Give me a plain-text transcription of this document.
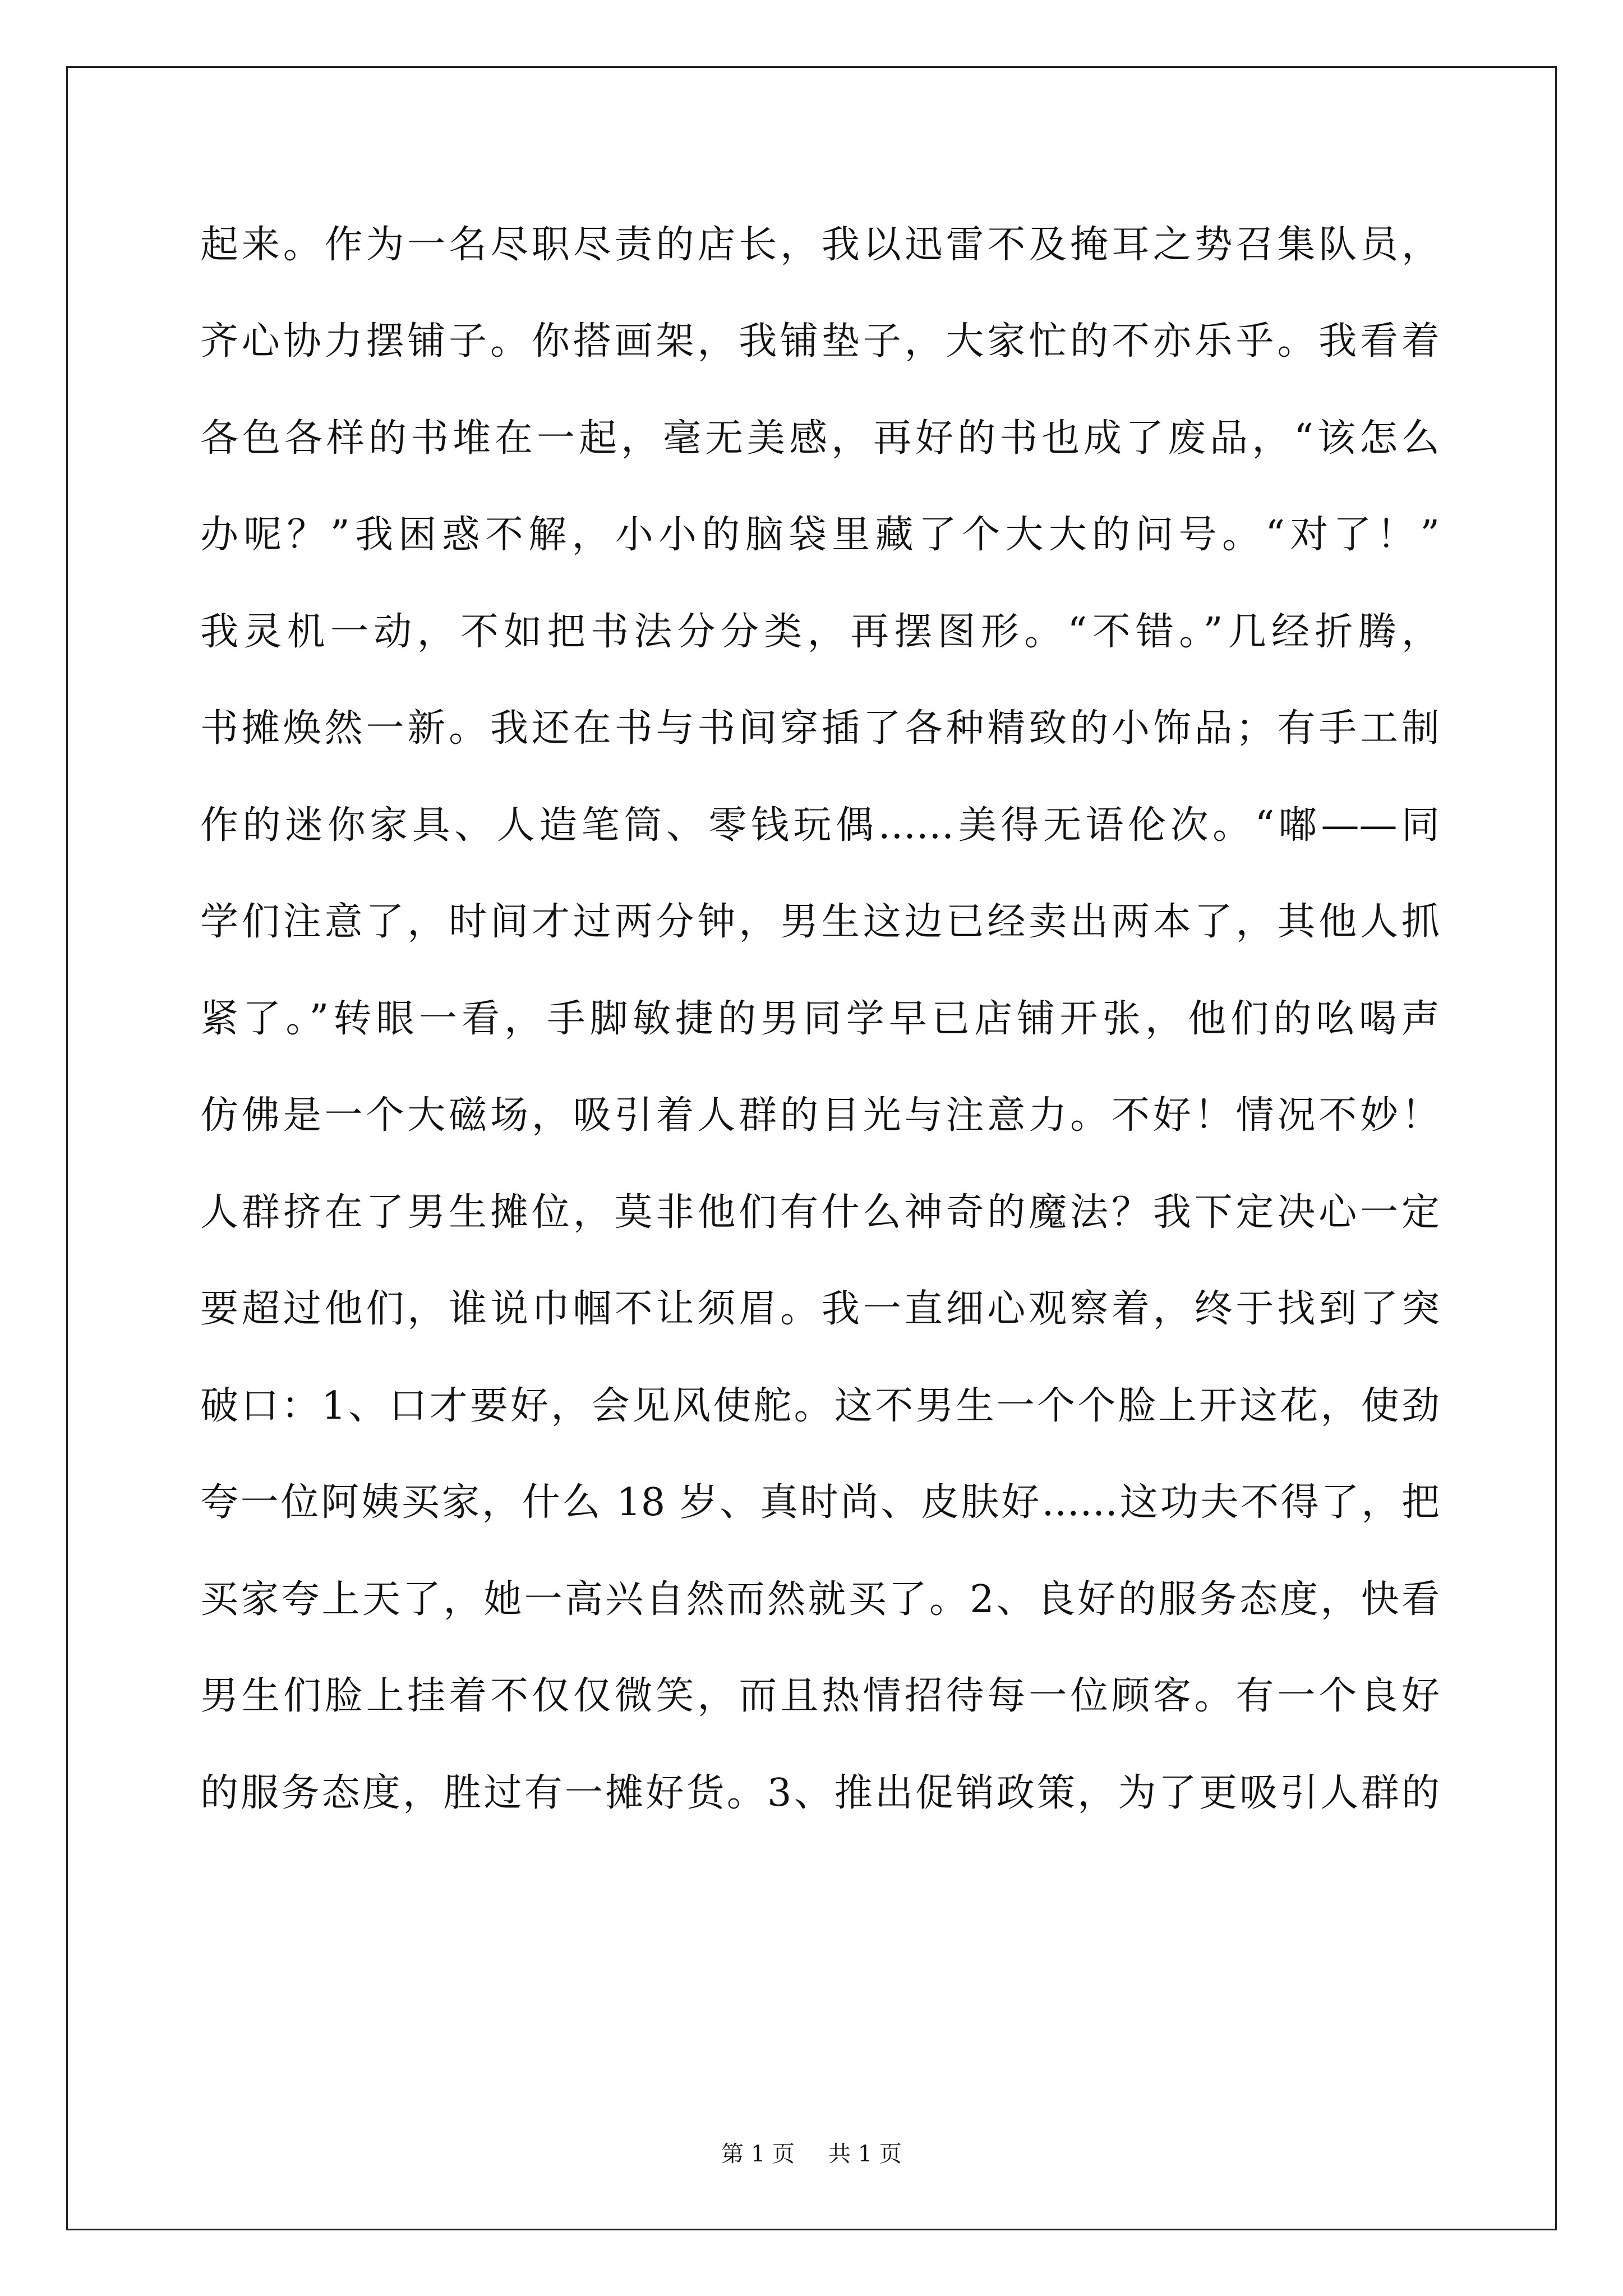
起来。作为一名尽职尽责的店长，我以迅雷不及掩耳之势召集队员，
齐心协力摆铺子。你搭画架，我铺垫子，大家忙的不亦乐乎。我看着
各色各样的书堆在一起，毫无美感，再好的书也成了废品，“该怎么
办呢？”我困惑不解，小小的脑袋里藏了个大大的问号。“对了！”
我灵机一动，不如把书法分分类，再摆图形。“不错。”几经折腾，
书摊焕然一新。我还在书与书间穿插了各种精致的小饰品；有手工制
作的迷你家具、人造笔筒、零钱玩偶……美得无语伦次。“嘟——同
学们注意了，时间才过两分钟，男生这边已经卖出两本了，其他人抓
紧了。”转眼一看，手脚敏捷的男同学早已店铺开张，他们的吆喝声
仿佛是一个大磁场，吸引着人群的目光与注意力。不好！情况不妙！
人群挤在了男生摊位，莫非他们有什么神奇的魔法？我下定决心一定
要超过他们，谁说巾帼不让须眉。我一直细心观察着，终于找到了突
破口：1、口才要好，会见风使舵。这不男生一个个脸上开这花，使劲
夸一位阿姨买家，什么 18 岁、真时尚、皮肤好……这功夫不得了，把
买家夸上天了，她一高兴自然而然就买了。2、良好的服务态度，快看
男生们脸上挂着不仅仅微笑，而且热情招待每一位顾客。有一个良好
的服务态度，胜过有一摊好货。3、推出促销政策，为了更吸引人群的
第 1 页 共 1 页
